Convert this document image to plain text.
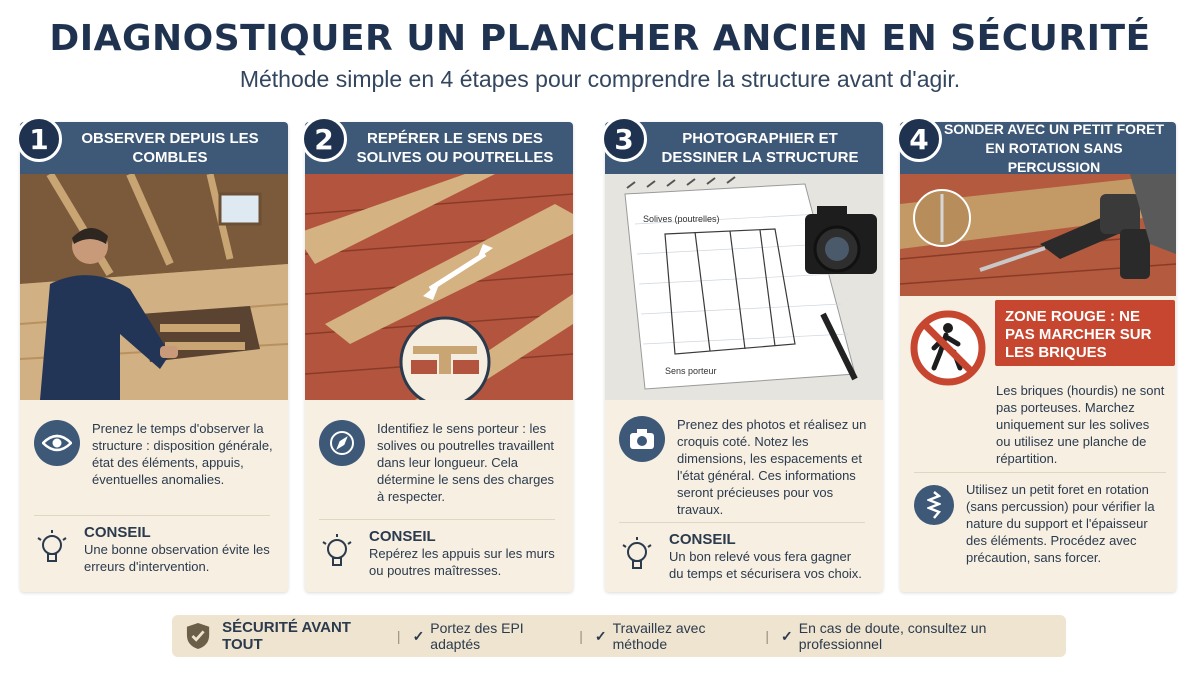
DIAGNOSTIQUER UN PLANCHER ANCIEN EN SÉCURITÉ
Méthode simple en 4 étapes pour comprendre la structure avant d'agir.
1	OBSERVER DEPUIS LES COMBLES
Prenez le temps d'observer la structure : disposition générale, état des éléments, appuis, éventuelles anomalies.
CONSEIL
Une bonne observation évite les erreurs d'intervention.
2	REPÉRER LE SENS DES SOLIVES OU POUTRELLES
Identifiez le sens porteur : les solives ou poutrelles travaillent dans leur longueur. Cela détermine le sens des charges à respecter.
CONSEIL
Repérez les appuis sur les murs ou poutres maîtresses.
3	PHOTOGRAPHIER ET DESSINER LA STRUCTURE
Solives (poutrelles)
Sens porteur
Prenez des photos et réalisez un croquis coté. Notez les dimensions, les espacements et l'état général. Ces informations seront précieuses pour vos travaux.
CONSEIL
Un bon relevé vous fera gagner du temps et sécurisera vos choix.
4	SONDER AVEC UN PETIT FORET EN ROTATION SANS PERCUSSION
ZONE ROUGE : NE PAS MARCHER SUR LES BRIQUES
Les briques (hourdis) ne sont pas porteuses. Marchez uniquement sur les solives ou utilisez une planche de répartition.
Utilisez un petit foret en rotation (sans percussion) pour vérifier la nature du support et l'épaisseur des éléments. Procédez avec précaution, sans forcer.
SÉCURITÉ AVANT TOUT	| ✓ Portez des EPI adaptés	| ✓ Travaillez avec méthode	| ✓ En cas de doute, consultez un professionnel
